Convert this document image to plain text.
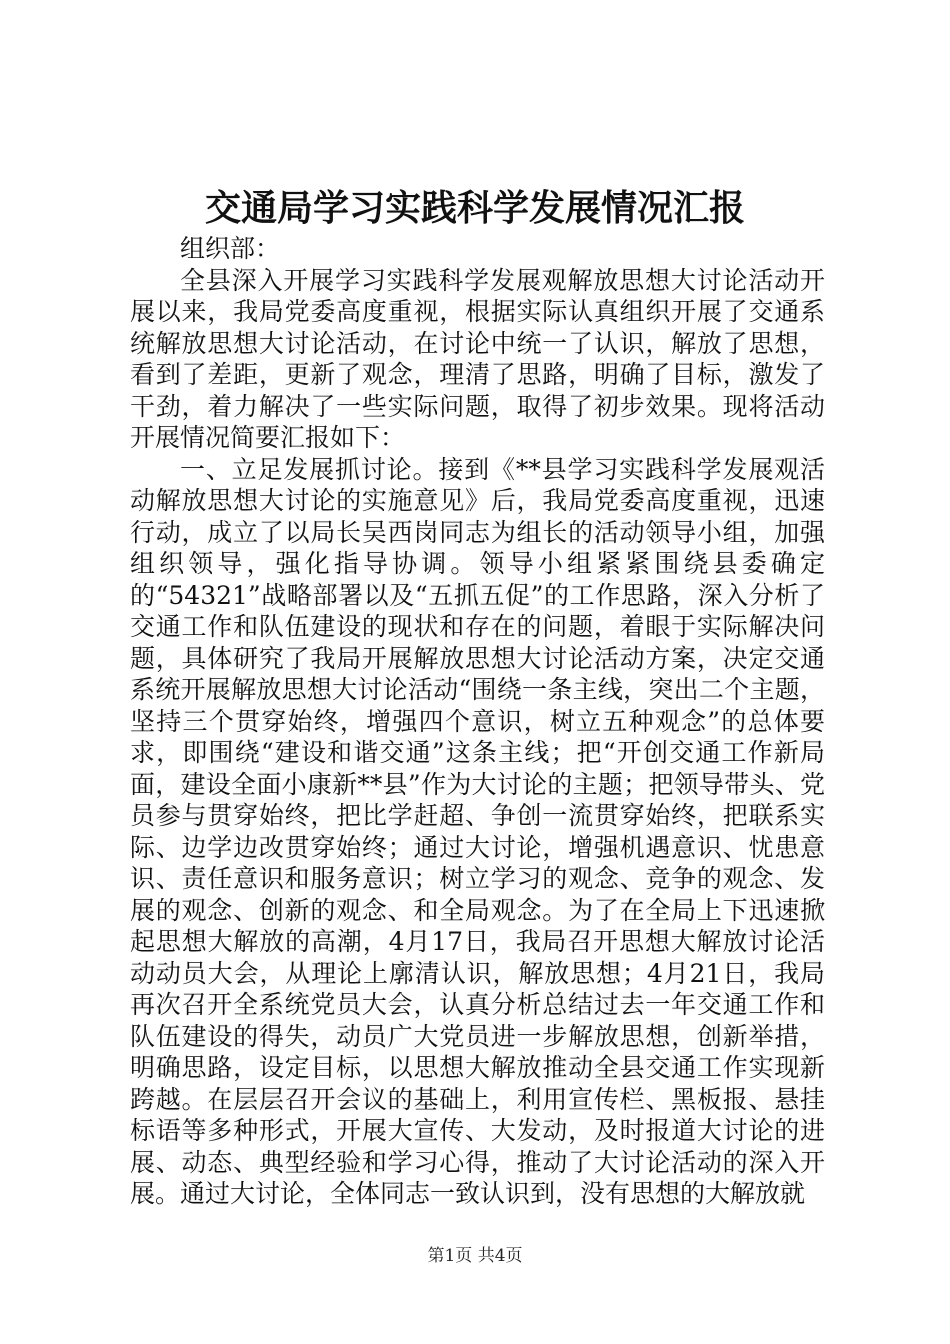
交通局学习实践科学发展情况汇报

组织部：

全县深入开展学习实践科学发展观解放思想大讨论活动开展以来，我局党委高度重视，根据实际认真组织开展了交通系统解放思想大讨论活动，在讨论中统一了认识，解放了思想，看到了差距，更新了观念，理清了思路，明确了目标，激发了干劲，着力解决了一些实际问题，取得了初步效果。现将活动开展情况简要汇报如下：

一、立足发展抓讨论。接到《**县学习实践科学发展观活动解放思想大讨论的实施意见》后，我局党委高度重视，迅速行动，成立了以局长吴西岗同志为组长的活动领导小组，加强组织领导，强化指导协调。领导小组紧紧围绕县委确定的“54321”战略部署以及“五抓五促”的工作思路，深入分析了交通工作和队伍建设的现状和存在的问题，着眼于实际解决问题，具体研究了我局开展解放思想大讨论活动方案，决定交通系统开展解放思想大讨论活动“围绕一条主线，突出二个主题，坚持三个贯穿始终，增强四个意识，树立五种观念”的总体要求，即围绕“建设和谐交通”这条主线；把“开创交通工作新局面，建设全面小康新**县”作为大讨论的主题；把领导带头、党员参与贯穿始终，把比学赶超、争创一流贯穿始终，把联系实际、边学边改贯穿始终；通过大讨论，增强机遇意识、忧患意识、责任意识和服务意识；树立学习的观念、竞争的观念、发展的观念、创新的观念、和全局观念。为了在全局上下迅速掀起思想大解放的高潮，4月17日，我局召开思想大解放讨论活动动员大会，从理论上廓清认识，解放思想；4月21日，我局再次召开全系统党员大会，认真分析总结过去一年交通工作和队伍建设的得失，动员广大党员进一步解放思想，创新举措，明确思路，设定目标，以思想大解放推动全县交通工作实现新跨越。在层层召开会议的基础上，利用宣传栏、黑板报、悬挂标语等多种形式，开展大宣传、大发动，及时报道大讨论的进展、动态、典型经验和学习心得，推动了大讨论活动的深入开展。通过大讨论，全体同志一致认识到，没有思想的大解放就

第1页 共4页
